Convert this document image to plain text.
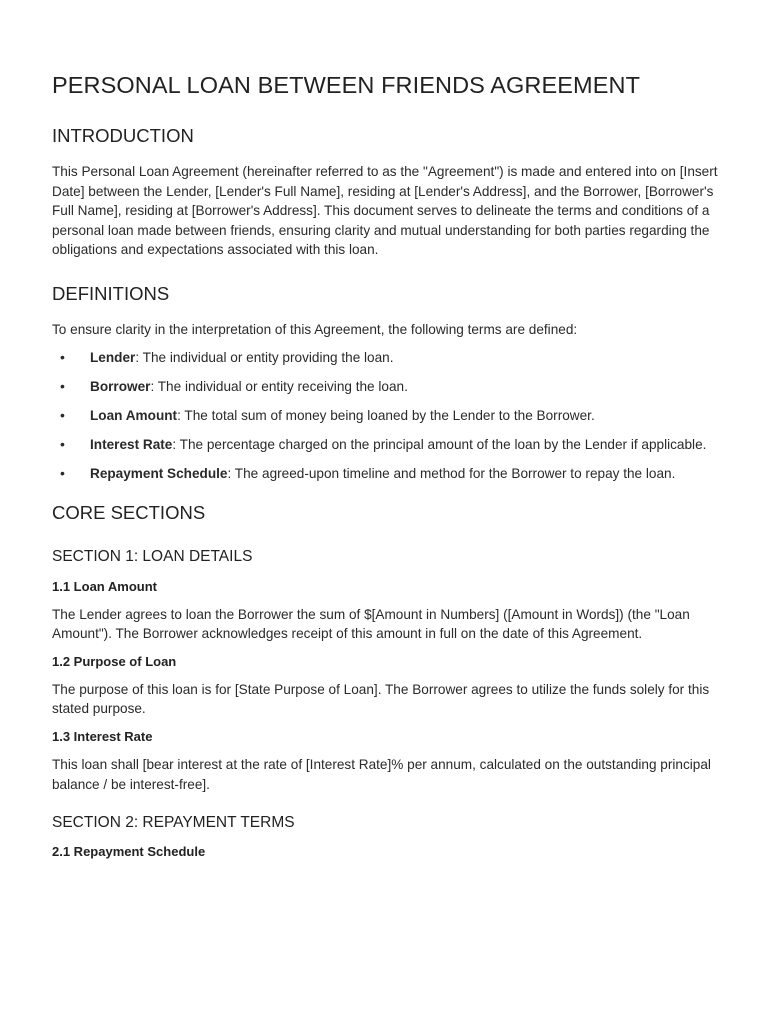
PERSONAL LOAN BETWEEN FRIENDS AGREEMENT
INTRODUCTION

This Personal Loan Agreement (hereinafter referred to as the "Agreement") is made and entered into on [Insert Date] between the Lender, [Lender's Full Name], residing at [Lender's Address], and the Borrower, [Borrower's Full Name], residing at [Borrower's Address]. This document serves to delineate the terms and conditions of a personal loan made between friends, ensuring clarity and mutual understanding for both parties regarding the obligations and expectations associated with this loan.

DEFINITIONS

To ensure clarity in the interpretation of this Agreement, the following terms are defined:

• Lender: The individual or entity providing the loan.
• Borrower: The individual or entity receiving the loan.
• Loan Amount: The total sum of money being loaned by the Lender to the Borrower.
• Interest Rate: The percentage charged on the principal amount of the loan by the Lender if applicable.
• Repayment Schedule: The agreed-upon timeline and method for the Borrower to repay the loan.
CORE SECTIONS
SECTION 1: LOAN DETAILS
1.1 Loan Amount

The Lender agrees to loan the Borrower the sum of $[Amount in Numbers] ([Amount in Words]) (the "Loan Amount"). The Borrower acknowledges receipt of this amount in full on the date of this Agreement.

1.2 Purpose of Loan

The purpose of this loan is for [State Purpose of Loan]. The Borrower agrees to utilize the funds solely for this stated purpose.

1.3 Interest Rate

This loan shall [bear interest at the rate of [Interest Rate]% per annum, calculated on the outstanding principal balance / be interest-free].

SECTION 2: REPAYMENT TERMS
2.1 Repayment Schedule
